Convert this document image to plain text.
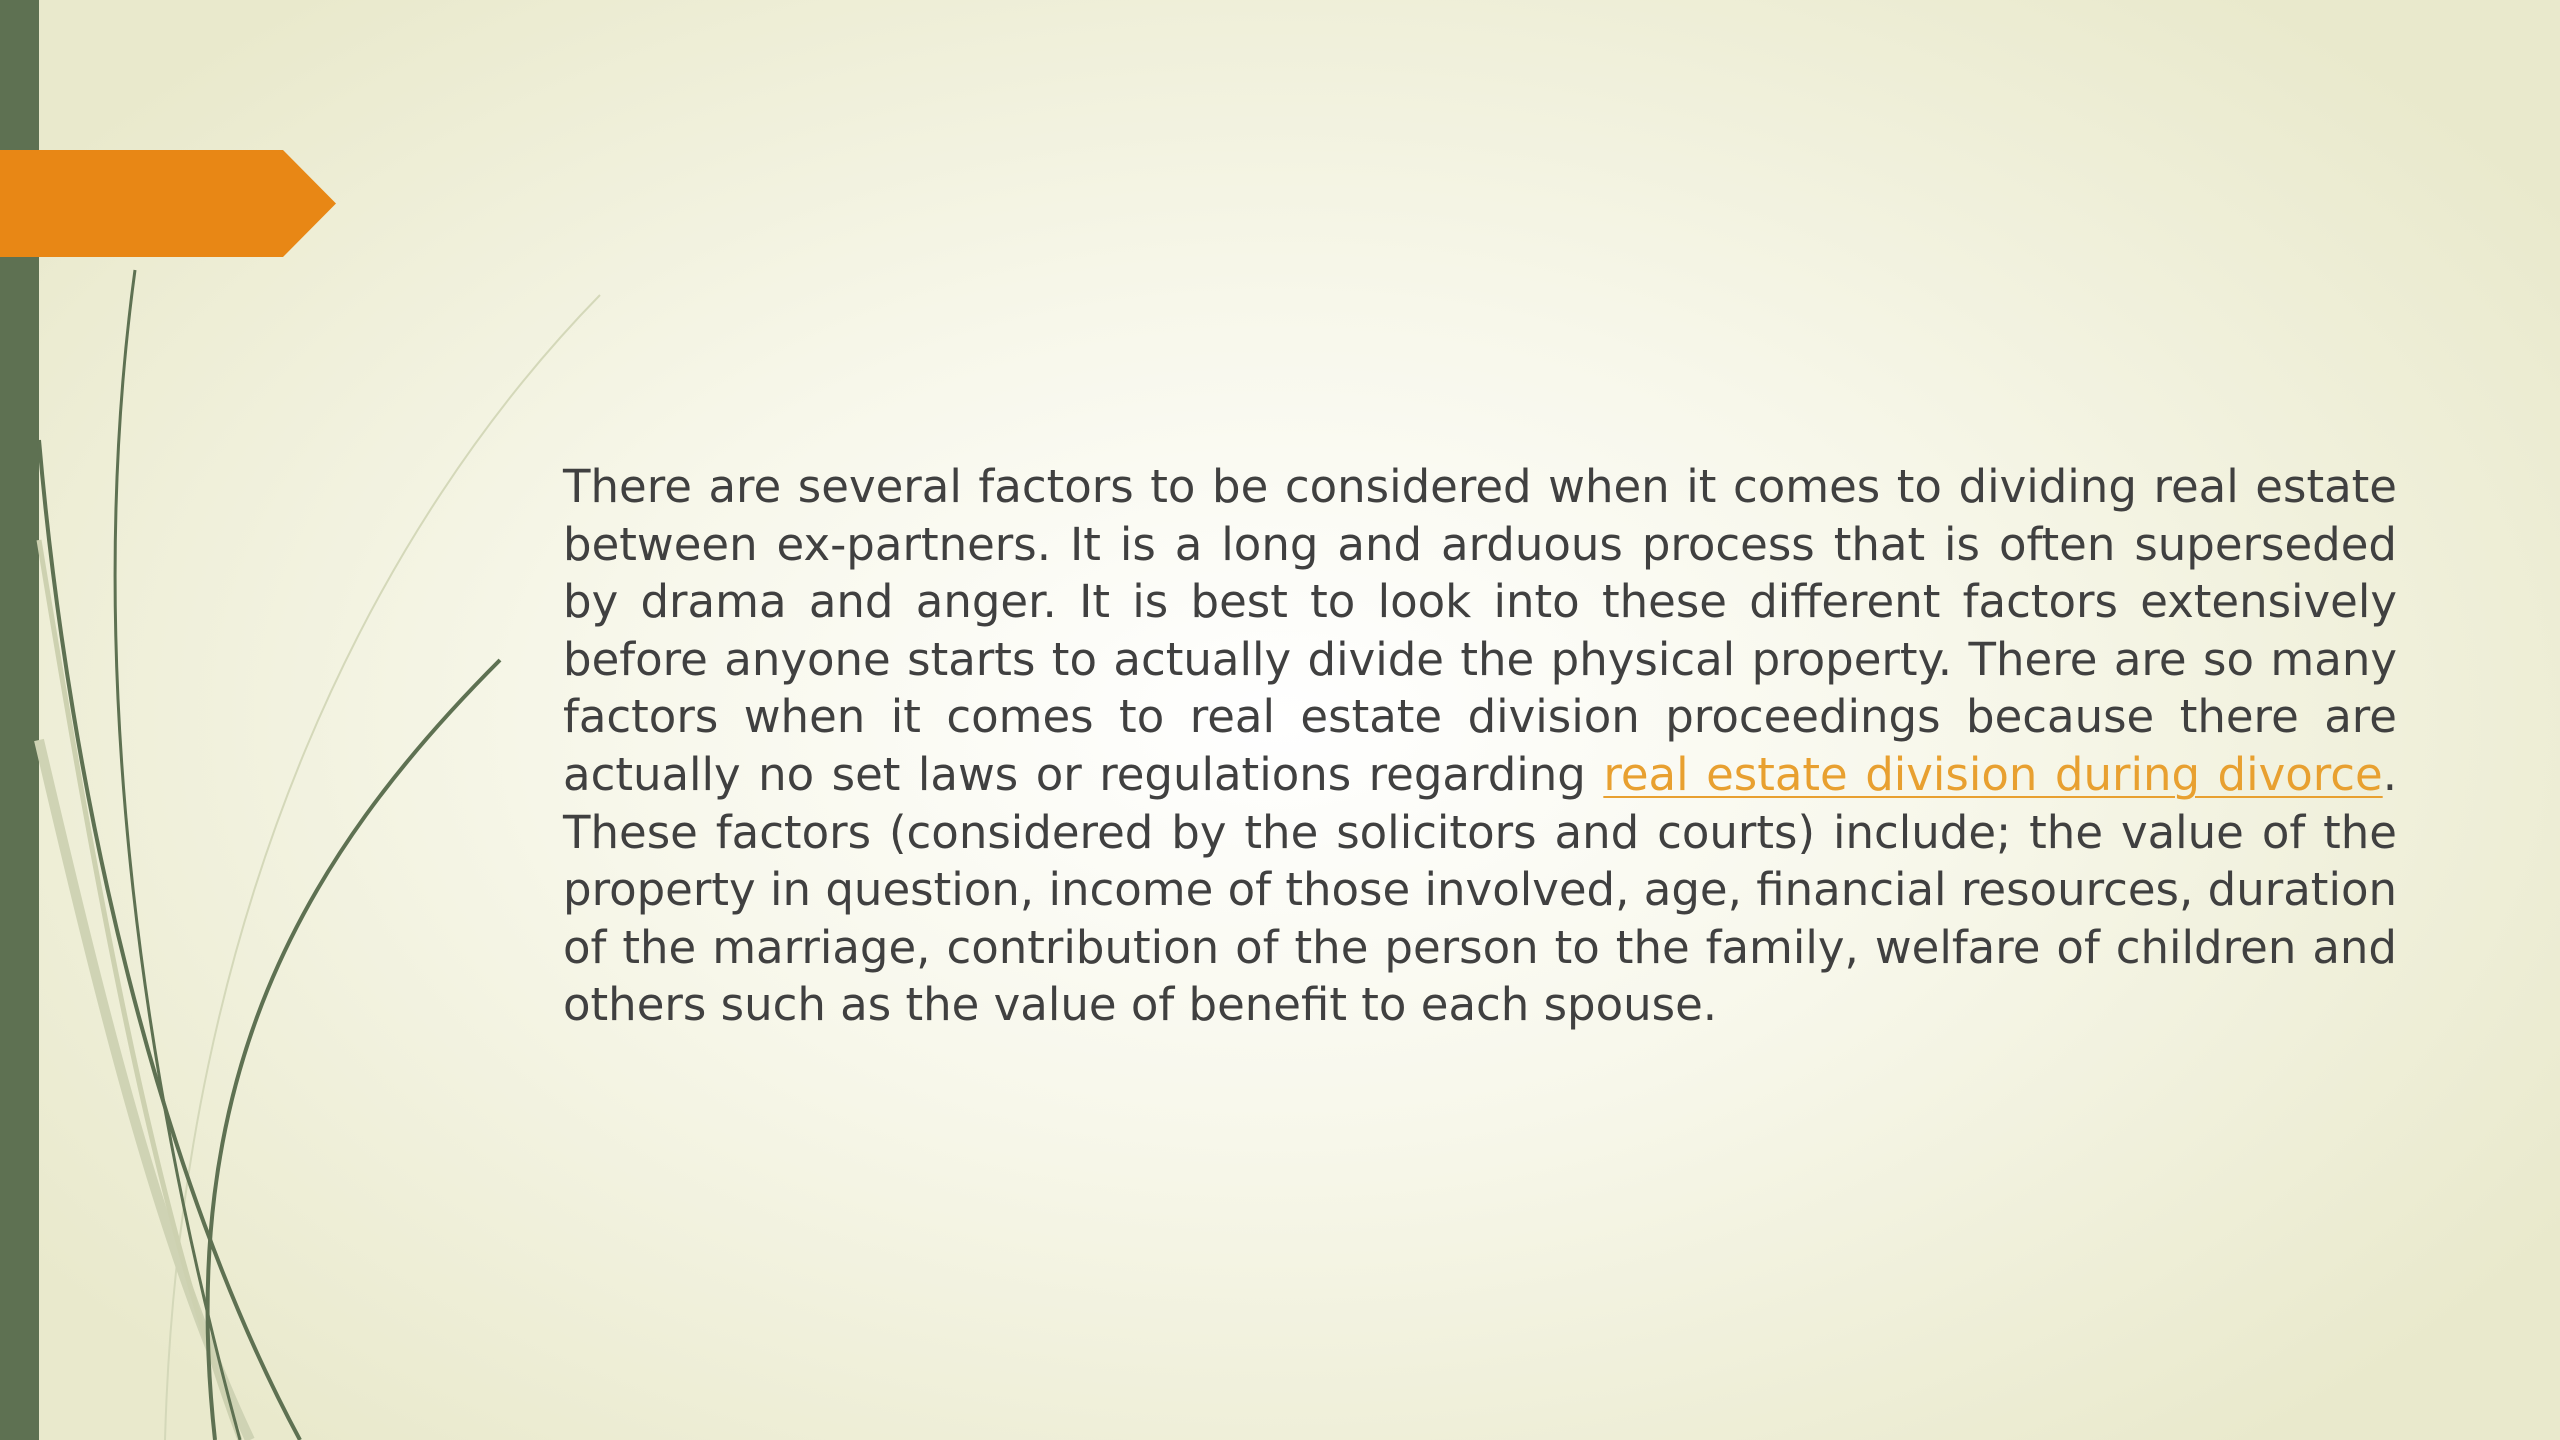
There are several factors to be considered when it comes to dividing real estate between ex-partners. It is a long and arduous process that is often superseded by drama and anger. It is best to look into these different factors extensively before anyone starts to actually divide the physical property. There are so many factors when it comes to real estate division proceedings because there are actually no set laws or regulations regarding real estate division during divorce. These factors (considered by the solicitors and courts) include; the value of the property in question, income of those involved, age, financial resources, duration of the marriage, contribution of the person to the family, welfare of children and others such as the value of benefit to each spouse.
